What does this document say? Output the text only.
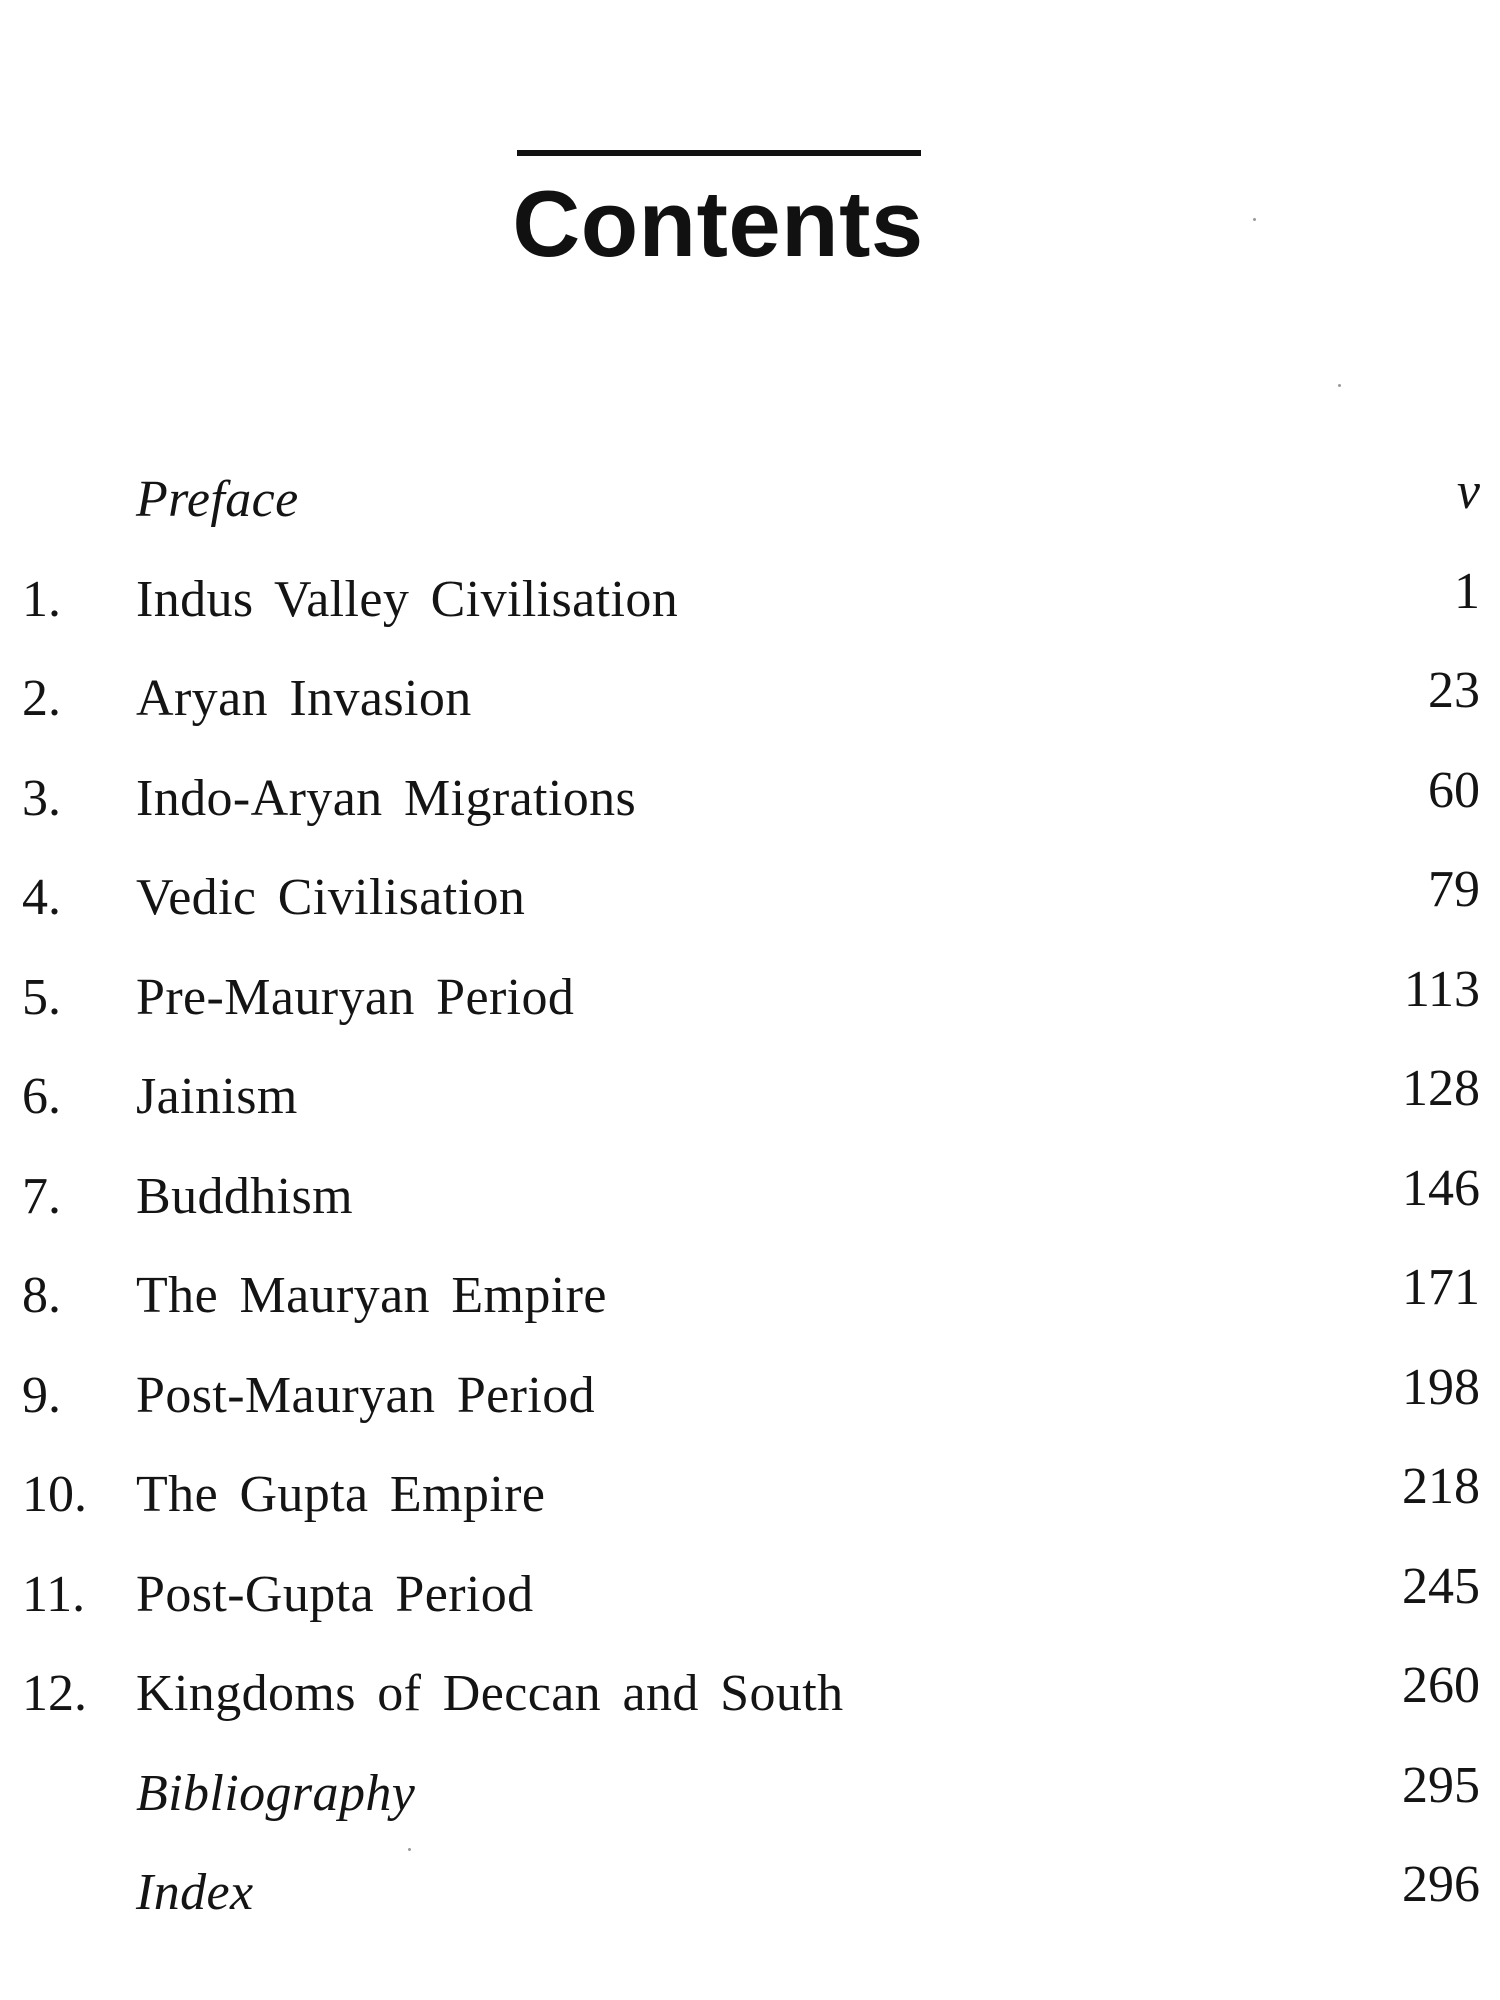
Contents
Preface	v
1. Indus Valley Civilisation	1
2. Aryan Invasion	23
3. Indo-Aryan Migrations	60
4. Vedic Civilisation	79
5. Pre-Mauryan Period	113
6. Jainism	128
7. Buddhism	146
8. The Mauryan Empire	171
9. Post-Mauryan Period	198
10. The Gupta Empire	218
11. Post-Gupta Period	245
12. Kingdoms of Deccan and South	260
Bibliography	295
Index	296
